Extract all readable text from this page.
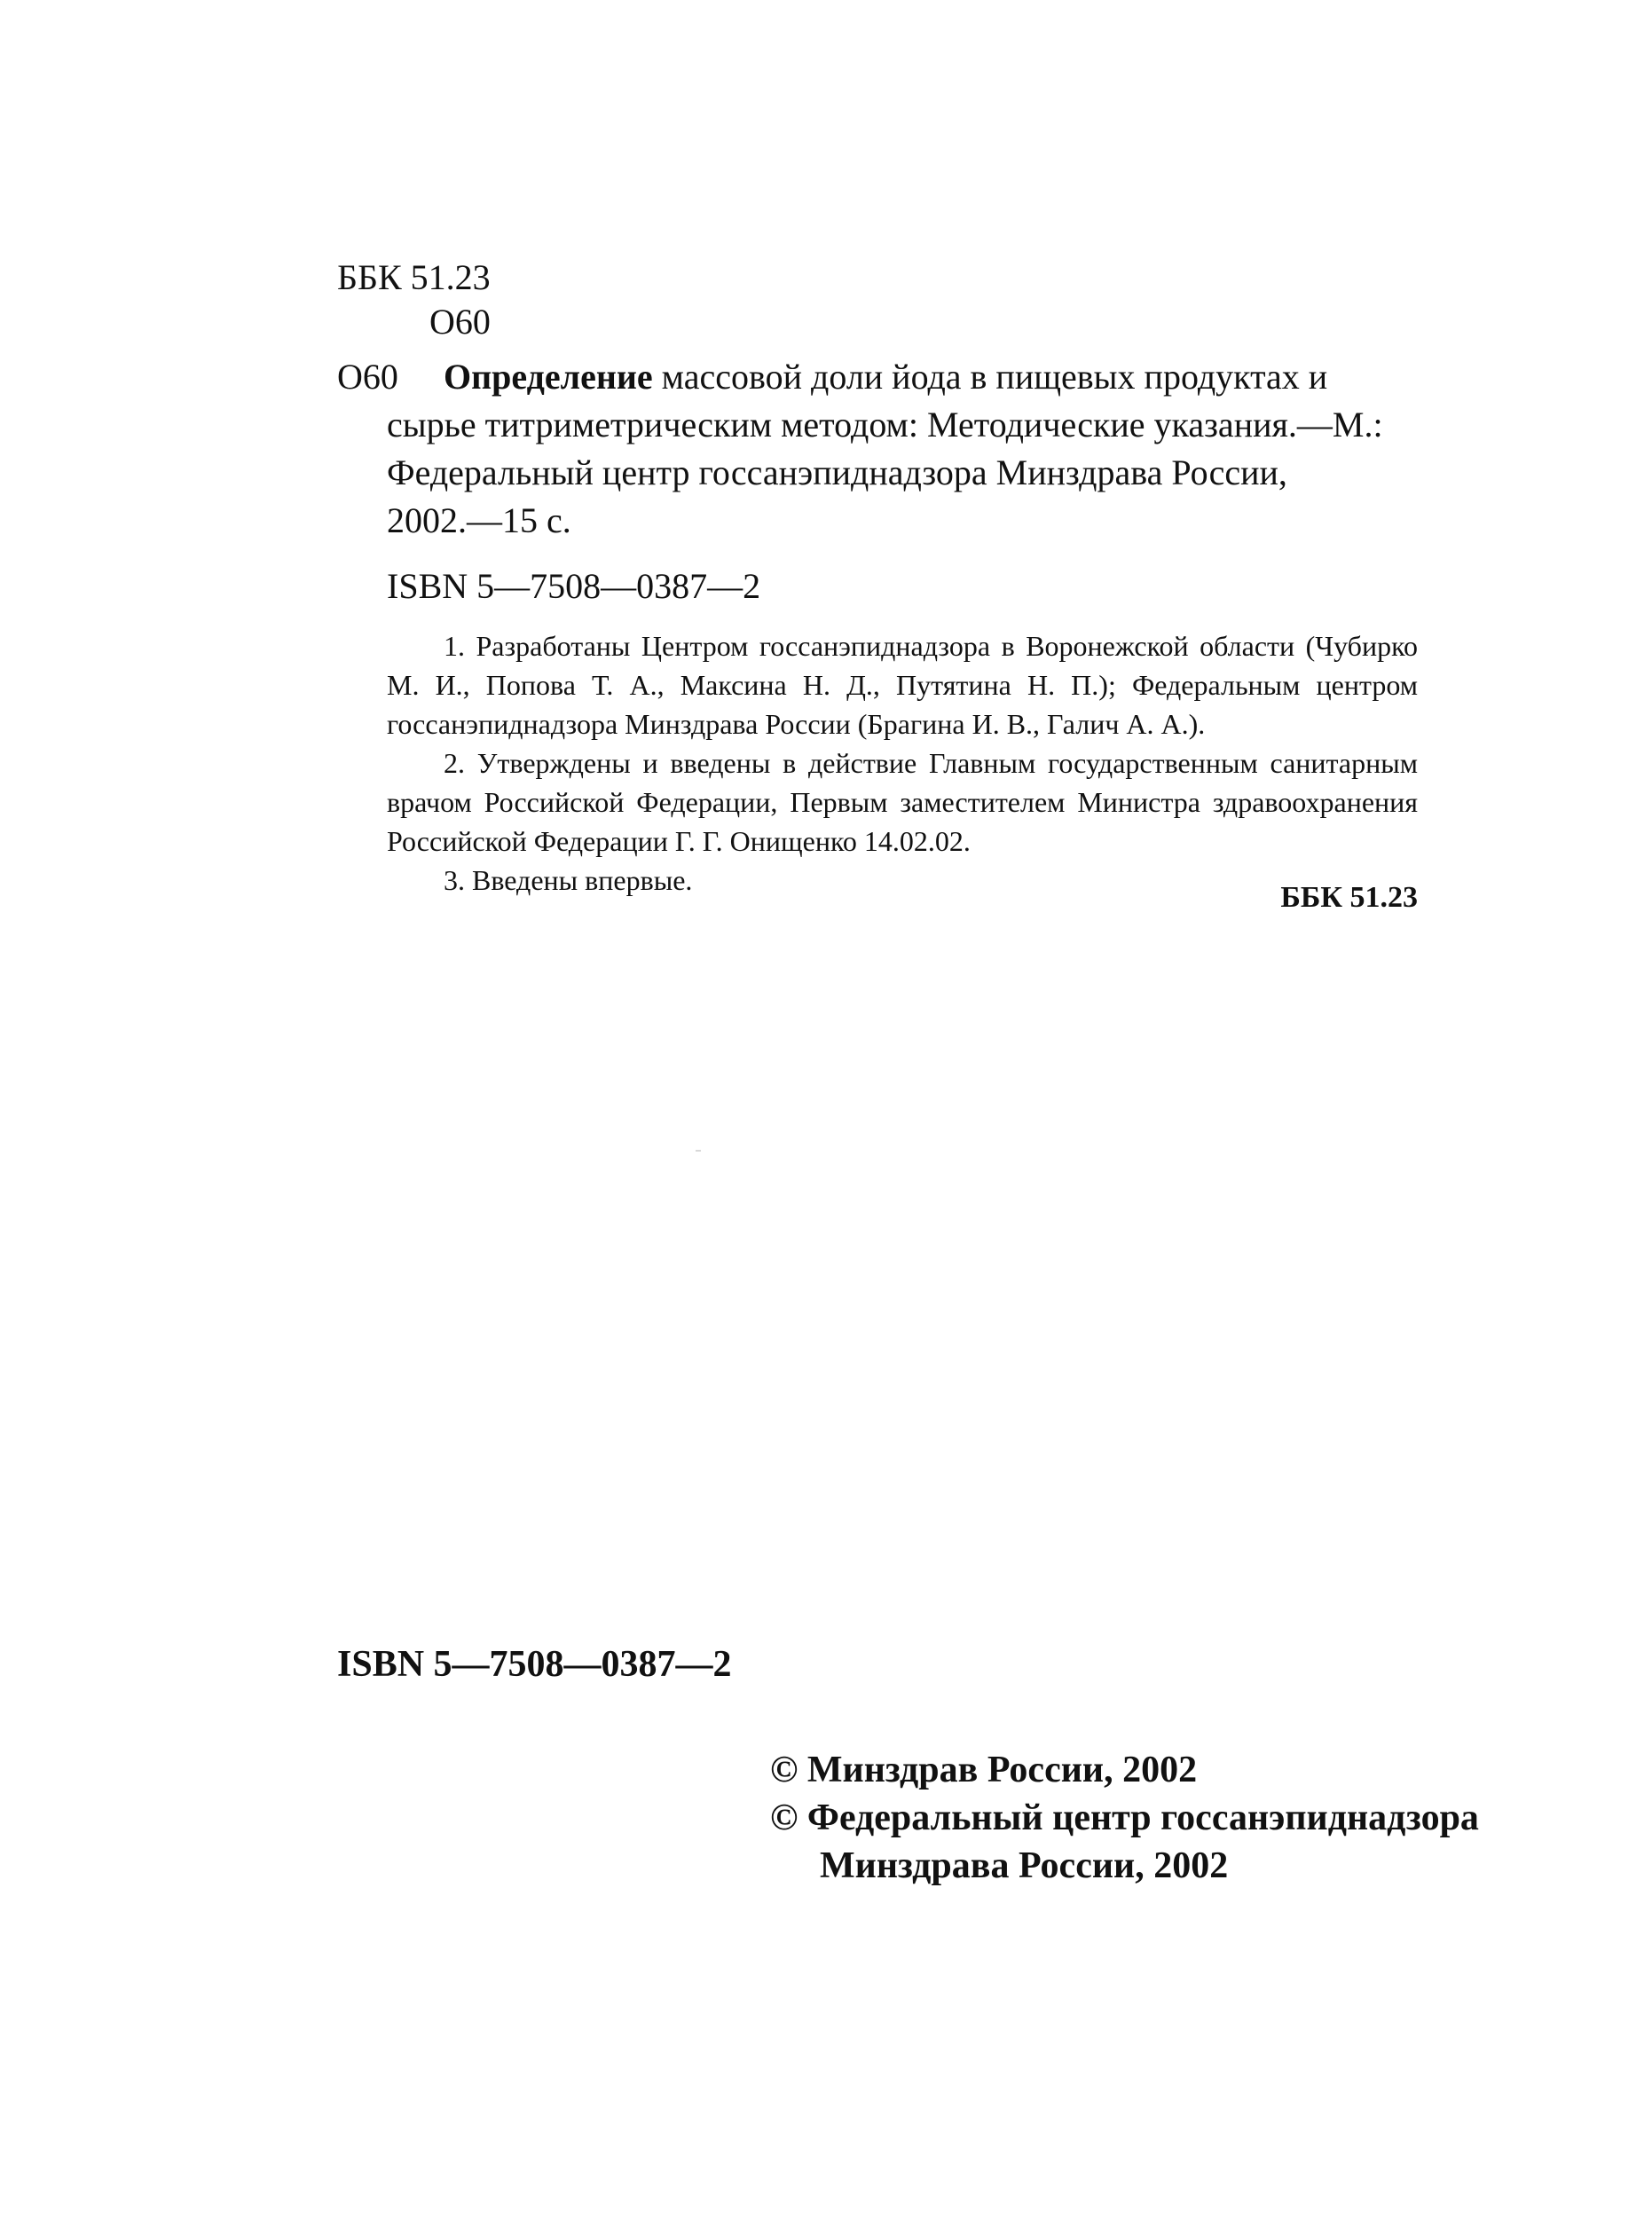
ББК 51.23
О60
О60 Определение массовой доли йода в пищевых продуктах и
сырье титриметрическим методом: Методические указания.—М.:
Федеральный центр госсанэпиднадзора Минздрава России,
2002.—15 с.
ISBN 5—7508—0387—2

1. Разработаны Центром госсанэпиднадзора в Воронежской области (Чубирко М. И., Попова Т. А., Максина Н. Д., Путятина Н. П.); Федеральным центром госсанэпиднадзора Минздрава России (Брагина И. В., Галич А. А.).

2. Утверждены и введены в действие Главным государственным санитарным врачом Российской Федерации, Первым заместителем Министра здравоохранения Российской Федерации Г. Г. Онищенко 14.02.02.

3. Введены впервые.

ББК 51.23
ISBN 5—7508—0387—2
© Минздрав России, 2002
© Федеральный центр госсанэпиднадзора
Минздрава России, 2002
